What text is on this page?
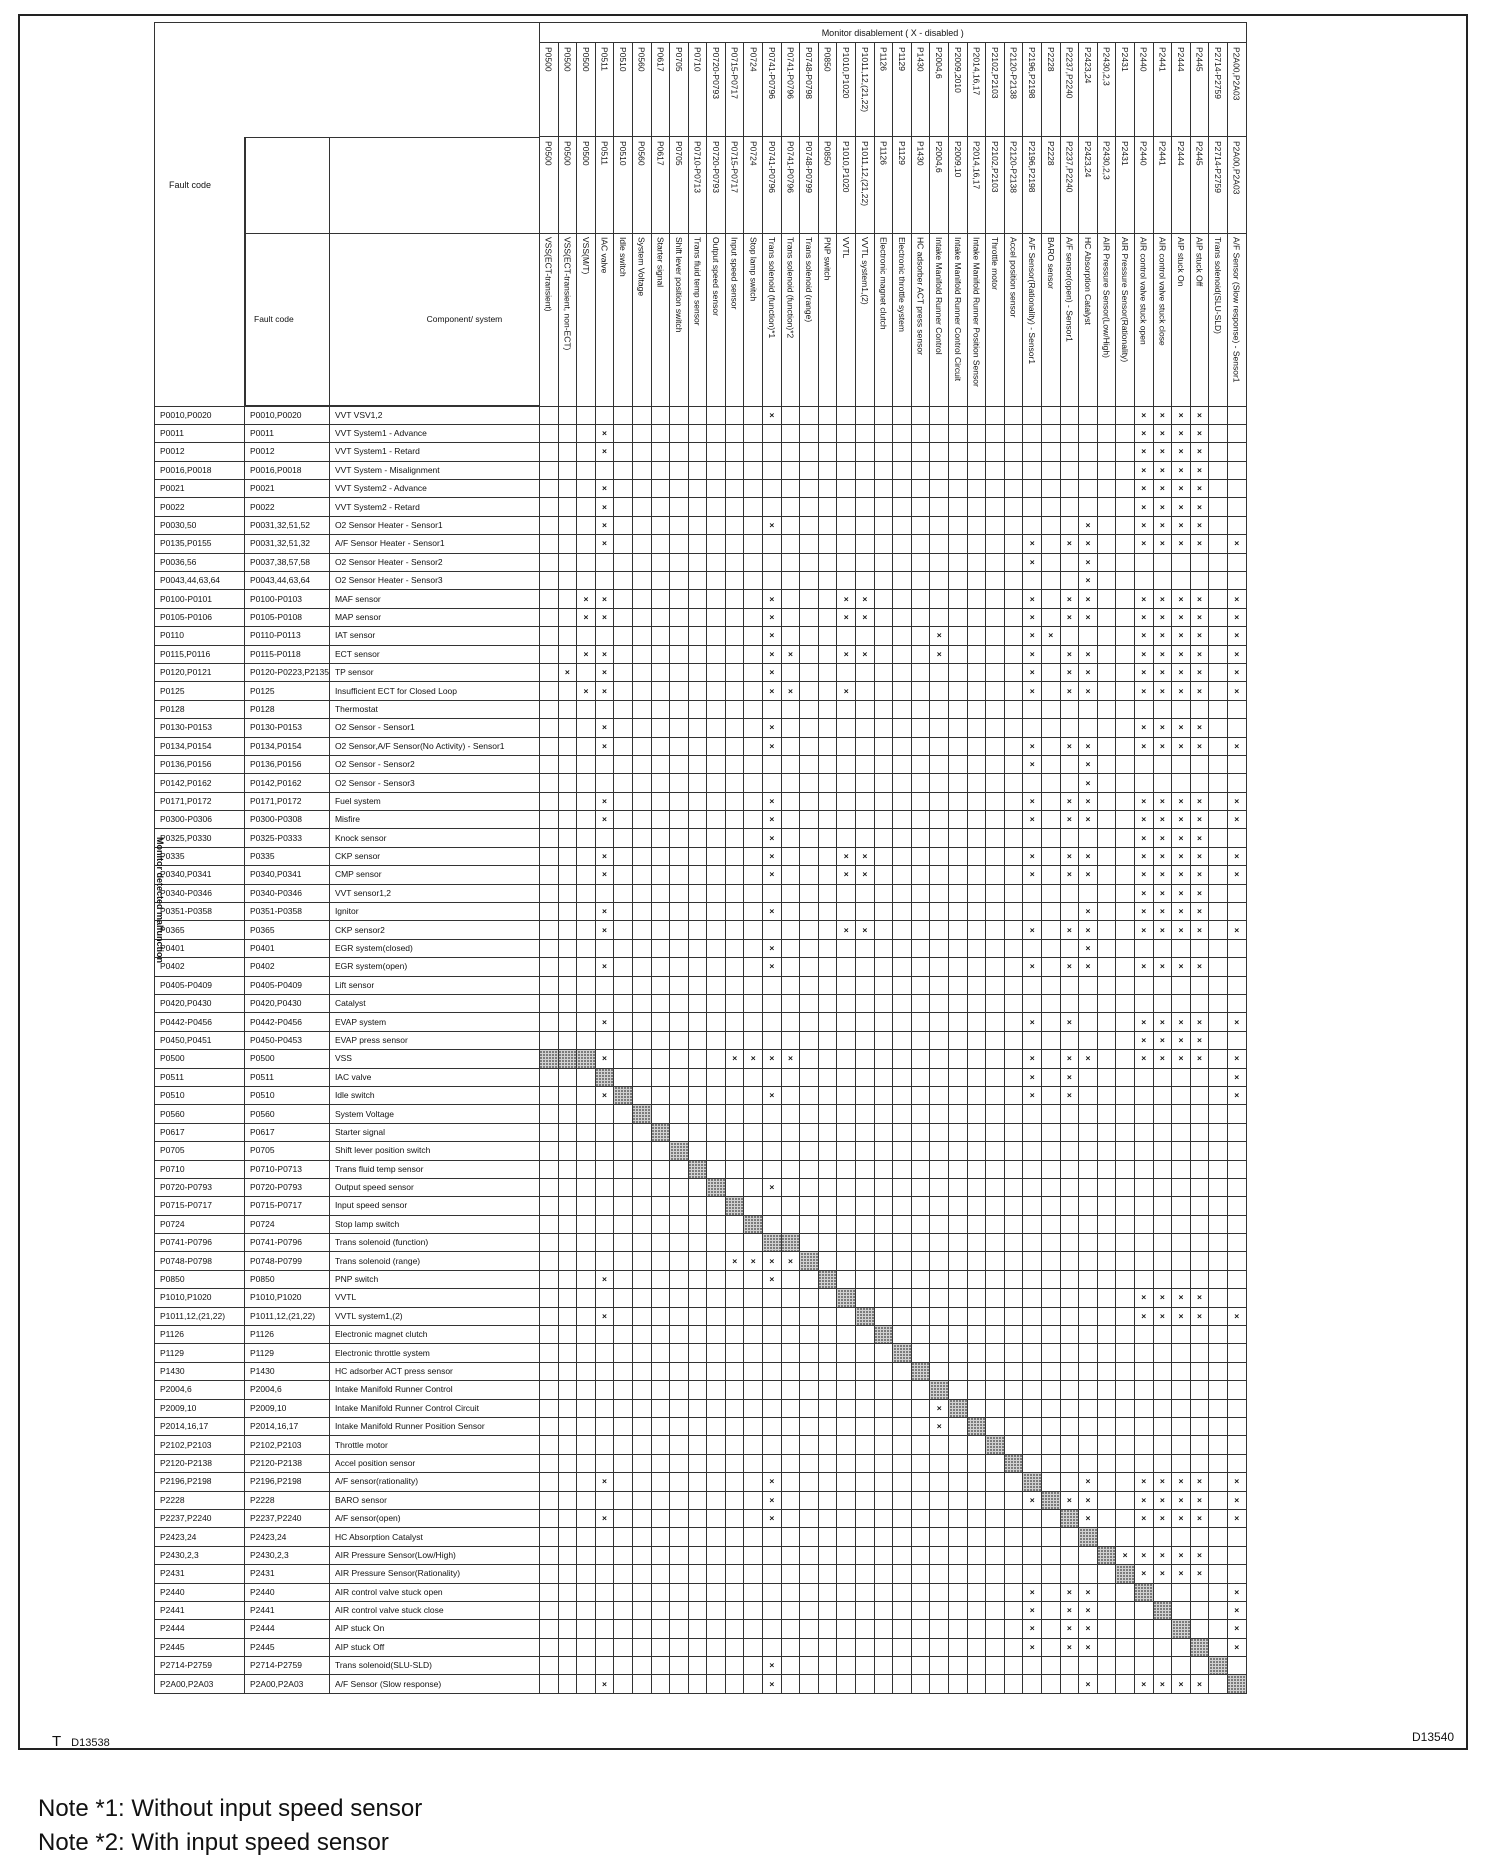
	Monitor disablement ( X - disabled )
P0500	P0500	P0500	P0511	P0510	P0560	P0617	P0705	P0710	P0720-P0793	P0715-P0717	P0724	P0741-P0796	P0741-P0796	P0748-P0798	P0850	P1010,P1020	P1011,12,(21,22)	P1126	P1129	P1430	P2004,6	P2009,2010	P2014,16,17	P2102,P2103	P2120-P2138	P2196,P2198	P2228	P2237,P2240	P2423,24	P2430,2,3	P2431	P2440	P2441	P2444	P2445	P2714-P2759	P2A00,P2A03
Fault code	

Fault code	Component/ system
	P0500	P0500	P0500	P0511	P0510	P0560	P0617	P0705	P0710-P0713	P0720-P0793	P0715-P0717	P0724	P0741-P0796	P0741-P0796	P0748-P0799	P0850	P1010,P1020	P1011,12,(21,22)	P1126	P1129	P1430	P2004,6	P2009,10	P2014,16,17	P2102,P2103	P2120-P2138	P2196,P2198	P2228	P2237,P2240	P2423,24	P2430,2,3	P2431	P2440	P2441	P2444	P2445	P2714-P2759	P2A00,P2A03
	VSS(ECT-transient)	VSS(ECT-transient, non-ECT)	VSS(M/T)	IAC valve	Idle switch	System Voltage	Starter signal	Shift lever position switch	Trans fluid temp sensor	Output speed sensor	Input speed sensor	Stop lamp switch	Trans solenoid (function)*1	Trans solenoid (function)*2	Trans solenoid (range)	PNP switch	VVTL	VVTL system1,(2)	Electronic magnet clutch	Electronic throttle system	HC adsorber ACT press sensor	Intake Manifold Runner Control	Intake Manifold Runner Control Circuit	Intake Manifold Runner Position Sensor	Throttle motor	Accel position sensor	A/F Sensor(Rationality) - Sensor1	BARO sensor	A/F sensor(open) - Sensor1	HC Absorption Catalyst	AIR Pressure Sensor(Low/High)	AIR Pressure Sensor(Rationality)	AIR control valve stuck open	AIR control valve stuck close	AIP stuck On	AIP stuck Off	Trans solenoid(SLU-SLD)	A/F Sensor (Slow response) - Sensor1
P0010,P0020	P0010,P0020	VVT VSV1,2													×																				×	×	×	×		
P0011	P0011	VVT System1 - Advance				×																													×	×	×	×		
P0012	P0012	VVT System1 - Retard				×																													×	×	×	×		
P0016,P0018	P0016,P0018	VVT System - Misalignment																																	×	×	×	×		
P0021	P0021	VVT System2 - Advance				×																													×	×	×	×		
P0022	P0022	VVT System2 - Retard				×																													×	×	×	×		
P0030,50	P0031,32,51,52	O2 Sensor Heater - Sensor1				×									×																	×			×	×	×	×		
P0135,P0155	P0031,32,51,32	A/F Sensor Heater - Sensor1				×																							×		×	×			×	×	×	×		×
P0036,56	P0037,38,57,58	O2 Sensor Heater - Sensor2																											×			×								
P0043,44,63,64	P0043,44,63,64	O2 Sensor Heater - Sensor3																														×								
P0100-P0101	P0100-P0103	MAF sensor			×	×									×				×	×									×		×	×			×	×	×	×		×
P0105-P0106	P0105-P0108	MAP sensor			×	×									×				×	×									×		×	×			×	×	×	×		×
P0110	P0110-P0113	IAT sensor													×									×					×	×					×	×	×	×		×
P0115,P0116	P0115-P0118	ECT sensor			×	×									×	×			×	×				×					×		×	×			×	×	×	×		×
P0120,P0121	P0120-P0223,P2135	TP sensor		×		×									×														×		×	×			×	×	×	×		×
P0125	P0125	Insufficient ECT for Closed Loop			×	×									×	×			×										×		×	×			×	×	×	×		×
P0128	P0128	Thermostat																																						
P0130-P0153	P0130-P0153	O2 Sensor - Sensor1				×									×																				×	×	×	×		
P0134,P0154	P0134,P0154	O2 Sensor,A/F Sensor(No Activity) - Sensor1				×									×														×		×	×			×	×	×	×		×
P0136,P0156	P0136,P0156	O2 Sensor - Sensor2																											×			×								
P0142,P0162	P0142,P0162	O2 Sensor - Sensor3																														×								
P0171,P0172	P0171,P0172	Fuel system				×									×														×		×	×			×	×	×	×		×
P0300-P0306	P0300-P0308	Misfire				×									×														×		×	×			×	×	×	×		×
P0325,P0330	P0325-P0333	Knock sensor													×																				×	×	×	×		
P0335	P0335	CKP sensor				×									×				×	×									×		×	×			×	×	×	×		×
P0340,P0341	P0340,P0341	CMP sensor				×									×				×	×									×		×	×			×	×	×	×		×
P0340-P0346	P0340-P0346	VVT sensor1,2																																	×	×	×	×		
P0351-P0358	P0351-P0358	Ignitor				×									×																	×			×	×	×	×		
P0365	P0365	CKP sensor2				×													×	×									×		×	×			×	×	×	×		×
P0401	P0401	EGR system(closed)													×																	×								
P0402	P0402	EGR system(open)				×									×														×		×	×			×	×	×	×		
P0405-P0409	P0405-P0409	Lift sensor																																						
P0420,P0430	P0420,P0430	Catalyst																																						
P0442-P0456	P0442-P0456	EVAP system				×																							×		×				×	×	×	×		×
P0450,P0451	P0450-P0453	EVAP press sensor																																	×	×	×	×		
P0500	P0500	VSS				×							×	×	×	×													×		×	×			×	×	×	×		×
P0511	P0511	IAC valve																											×		×									×
P0510	P0510	Idle switch				×									×														×		×									×
P0560	P0560	System Voltage																																						
P0617	P0617	Starter signal																																						
P0705	P0705	Shift lever position switch																																						
P0710	P0710-P0713	Trans fluid temp sensor																																						
P0720-P0793	P0720-P0793	Output speed sensor													×																									
P0715-P0717	P0715-P0717	Input speed sensor																																						
P0724	P0724	Stop lamp switch																																						
P0741-P0796	P0741-P0796	Trans solenoid (function)																																						
P0748-P0798	P0748-P0799	Trans solenoid (range)											×	×	×	×																								
P0850	P0850	PNP switch				×									×																									
P1010,P1020	P1010,P1020	VVTL																																	×	×	×	×		
P1011,12,(21,22)	P1011,12,(21,22)	VVTL system1,(2)				×																													×	×	×	×		×
P1126	P1126	Electronic magnet clutch																																						
P1129	P1129	Electronic throttle system																																						
P1430	P1430	HC adsorber ACT press sensor																																						
P2004,6	P2004,6	Intake Manifold Runner Control																																						
P2009,10	P2009,10	Intake Manifold Runner Control Circuit																						×																
P2014,16,17	P2014,16,17	Intake Manifold Runner Position Sensor																						×																
P2102,P2103	P2102,P2103	Throttle motor																																						
P2120-P2138	P2120-P2138	Accel position sensor																																						
P2196,P2198	P2196,P2198	A/F sensor(rationality)				×									×																	×			×	×	×	×		×
P2228	P2228	BARO sensor													×														×		×	×			×	×	×	×		×
P2237,P2240	P2237,P2240	A/F sensor(open)				×									×																	×			×	×	×	×		×
P2423,24	P2423,24	HC Absorption Catalyst																																						
P2430,2,3	P2430,2,3	AIR Pressure Sensor(Low/High)																																×	×	×	×	×		
P2431	P2431	AIR Pressure Sensor(Rationality)																																	×	×	×	×		
P2440	P2440	AIR control valve stuck open																											×		×	×								×
P2441	P2441	AIR control valve stuck close																											×		×	×								×
P2444	P2444	AIP stuck On																											×		×	×								×
P2445	P2445	AIP stuck Off																											×		×	×								×
P2714-P2759	P2714-P2759	Trans solenoid(SLU-SLD)													×																									
P2A00,P2A03	P2A00,P2A03	A/F Sensor (Slow response)				×									×																	×			×	×	×	×		
Monitor detected malfunction
T D13538	D13540
Note *1: Without input speed sensor
Note *2: With input speed sensor
